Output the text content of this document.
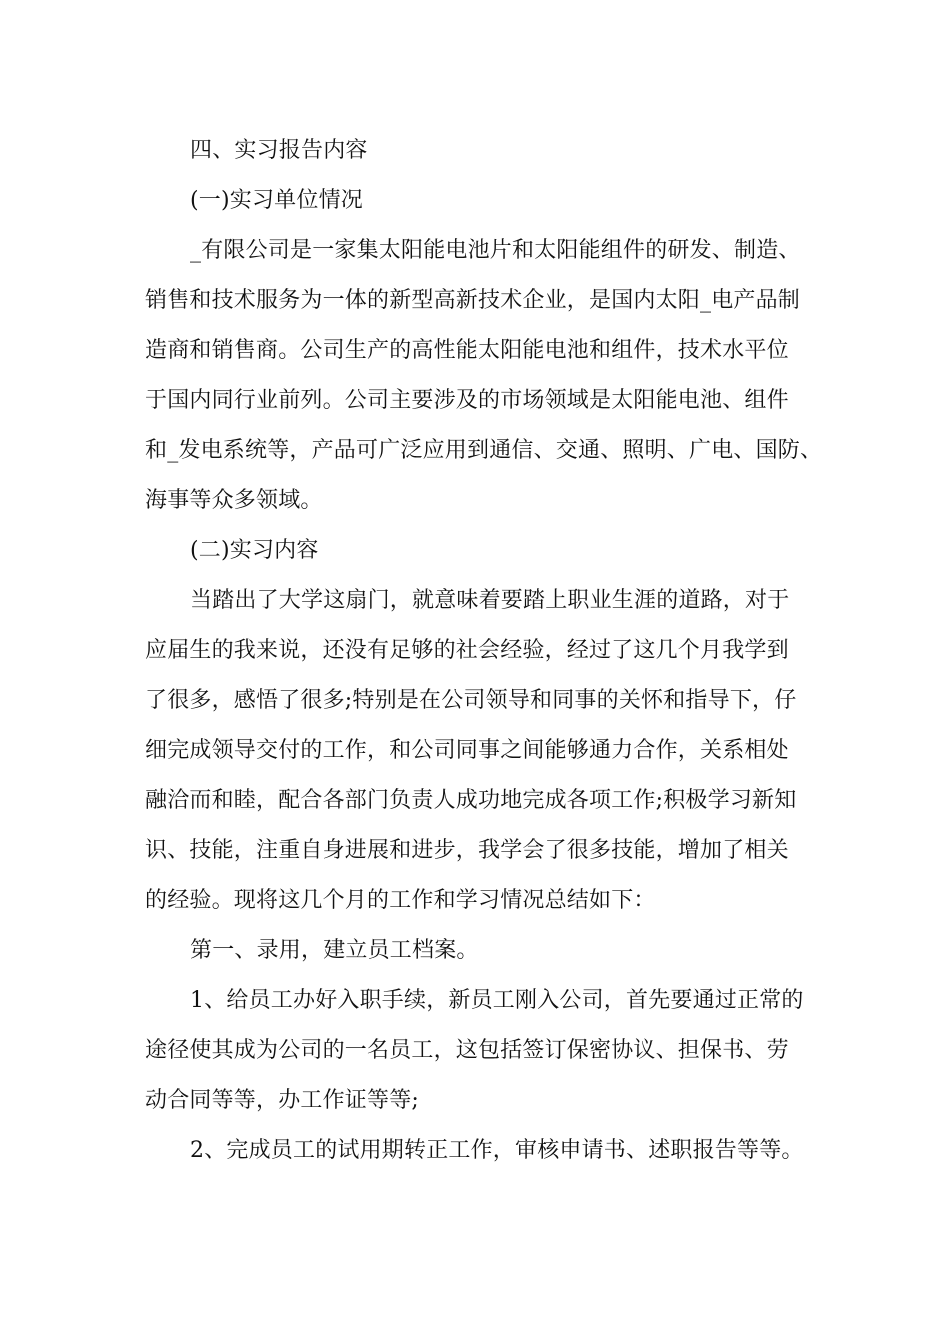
四、实习报告内容

(一)实习单位情况

_有限公司是一家集太阳能电池片和太阳能组件的研发、制造、

销售和技术服务为一体的新型高新技术企业，是国内太阳_电产品制

造商和销售商。公司生产的高性能太阳能电池和组件，技术水平位

于国内同行业前列。公司主要涉及的市场领域是太阳能电池、组件

和_发电系统等，产品可广泛应用到通信、交通、照明、广电、国防、

海事等众多领域。

(二)实习内容

当踏出了大学这扇门，就意味着要踏上职业生涯的道路，对于

应届生的我来说，还没有足够的社会经验，经过了这几个月我学到

了很多，感悟了很多;特别是在公司领导和同事的关怀和指导下，仔

细完成领导交付的工作，和公司同事之间能够通力合作，关系相处

融洽而和睦，配合各部门负责人成功地完成各项工作;积极学习新知

识、技能，注重自身进展和进步，我学会了很多技能，增加了相关

的经验。现将这几个月的工作和学习情况总结如下：

第一、录用，建立员工档案。

1、给员工办好入职手续，新员工刚入公司，首先要通过正常的

途径使其成为公司的一名员工，这包括签订保密协议、担保书、劳

动合同等等，办工作证等等;

2、完成员工的试用期转正工作，审核申请书、述职报告等等。
